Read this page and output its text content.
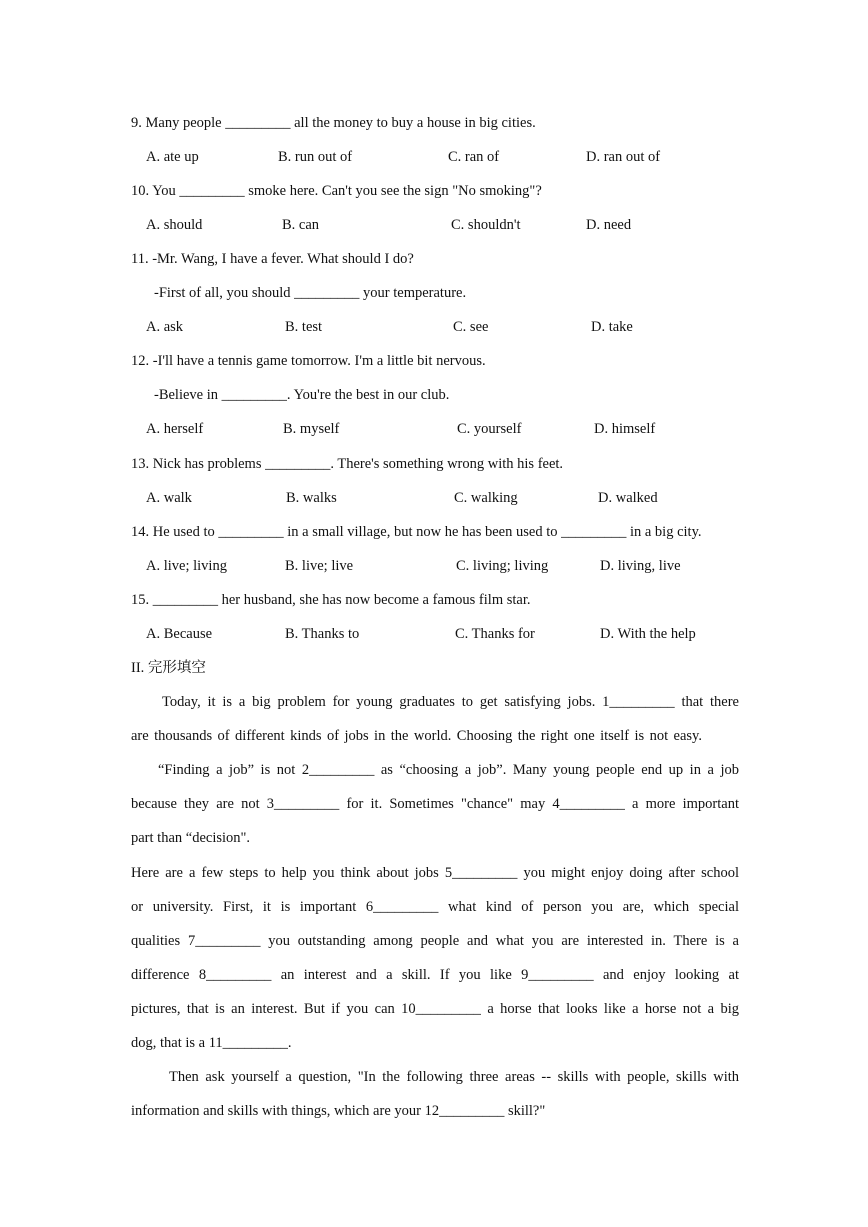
9. Many people _________ all the money to buy a house in big cities.
A. ate up	B. run out of	C. ran of	D. ran out of
10. You _________ smoke here. Can't you see the sign "No smoking"?
A. should	B. can	C. shouldn't	D. need
11. -Mr. Wang, I have a fever. What should I do?
-First of all, you should _________ your temperature.
A. ask	B. test	C. see	D. take
12. -I'll have a tennis game tomorrow. I'm a little bit nervous.
-Believe in _________. You're the best in our club.
A. herself	B. myself	C. yourself	D. himself
13. Nick has problems _________. There's something wrong with his feet.
A. walk	B. walks	C. walking	D. walked
14. He used to _________ in a small village, but now he has been used to _________ in a big city.
A. live; living	B. live; live	C. living; living	D. living, live
15. _________ her husband, she has now become a famous film star.
A. Because	B. Thanks to	C. Thanks for	D. With the help
II. 完形填空
Today, it is a big problem for young graduates to get satisfying jobs. 1_________ that there
are thousands of different kinds of jobs in the world. Choosing the right one itself is not easy.
“Finding a job” is not 2_________ as “choosing a job”. Many young people end up in a job
because they are not 3_________ for it. Sometimes "chance" may 4_________ a more important
part than “decision".
Here are a few steps to help you think about jobs 5_________ you might enjoy doing after school
or university. First, it is important 6_________ what kind of person you are, which special
qualities 7_________ you outstanding among people and what you are interested in. There is a
difference 8_________ an interest and a skill. If you like 9_________ and enjoy looking at
pictures, that is an interest. But if you can 10_________ a horse that looks like a horse not a big
dog, that is a 11_________.
Then ask yourself a question, "In the following three areas -- skills with people, skills with
information and skills with things, which are your 12_________ skill?"
